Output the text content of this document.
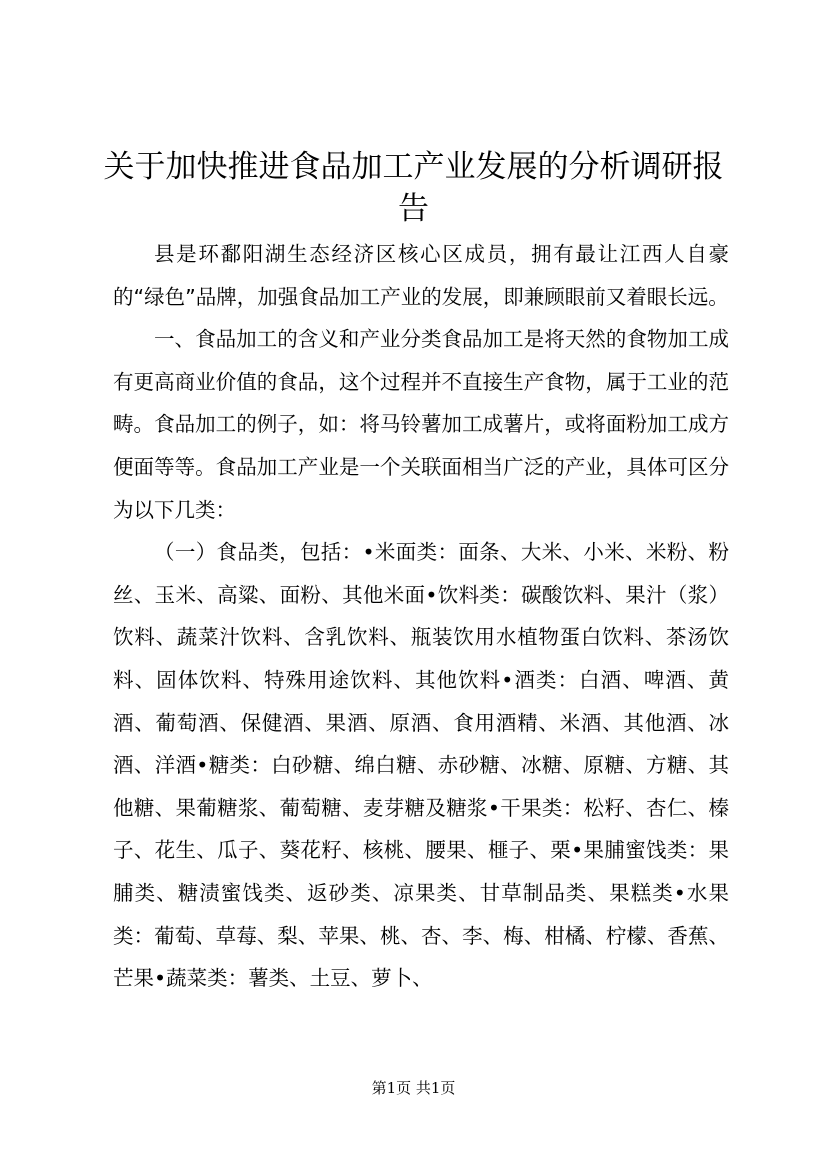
关于加快推进食品加工产业发展的分析调研报告

县是环鄱阳湖生态经济区核心区成员，拥有最让江西人自豪的“绿色”品牌，加强食品加工产业的发展，即兼顾眼前又着眼长远。

一、食品加工的含义和产业分类食品加工是将天然的食物加工成有更高商业价值的食品，这个过程并不直接生产食物，属于工业的范畴。食品加工的例子，如：将马铃薯加工成薯片，或将面粉加工成方便面等等。食品加工产业是一个关联面相当广泛的产业，具体可区分为以下几类：

（一）食品类，包括：•米面类：面条、大米、小米、米粉、粉丝、玉米、高粱、面粉、其他米面•饮料类：碳酸饮料、果汁（浆）饮料、蔬菜汁饮料、含乳饮料、瓶装饮用水植物蛋白饮料、茶汤饮料、固体饮料、特殊用途饮料、其他饮料•酒类：白酒、啤酒、黄酒、葡萄酒、保健酒、果酒、原酒、食用酒精、米酒、其他酒、冰酒、洋酒•糖类：白砂糖、绵白糖、赤砂糖、冰糖、原糖、方糖、其他糖、果葡糖浆、葡萄糖、麦芽糖及糖浆•干果类：松籽、杏仁、榛子、花生、瓜子、葵花籽、核桃、腰果、榧子、栗•果脯蜜饯类：果脯类、糖渍蜜饯类、返砂类、凉果类、甘草制品类、果糕类•水果类：葡萄、草莓、梨、苹果、桃、杏、李、梅、柑橘、柠檬、香蕉、芒果•蔬菜类：薯类、土豆、萝卜、

第1页 共1页
